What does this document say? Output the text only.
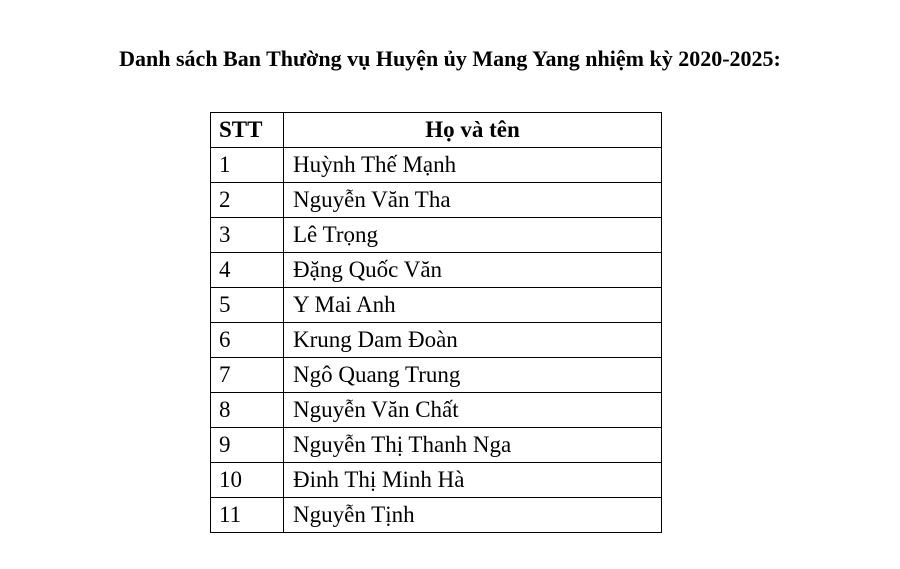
Danh sách Ban Thường vụ Huyện ủy Mang Yang nhiệm kỳ 2020-2025:
STT	Họ và tên
1	Huỳnh Thế Mạnh
2	Nguyễn Văn Tha
3	Lê Trọng
4	Đặng Quốc Văn
5	Y Mai Anh
6	Krung Dam Đoàn
7	Ngô Quang Trung
8	Nguyễn Văn Chất
9	Nguyễn Thị Thanh Nga
10	Đinh Thị Minh Hà
11	Nguyễn Tịnh
